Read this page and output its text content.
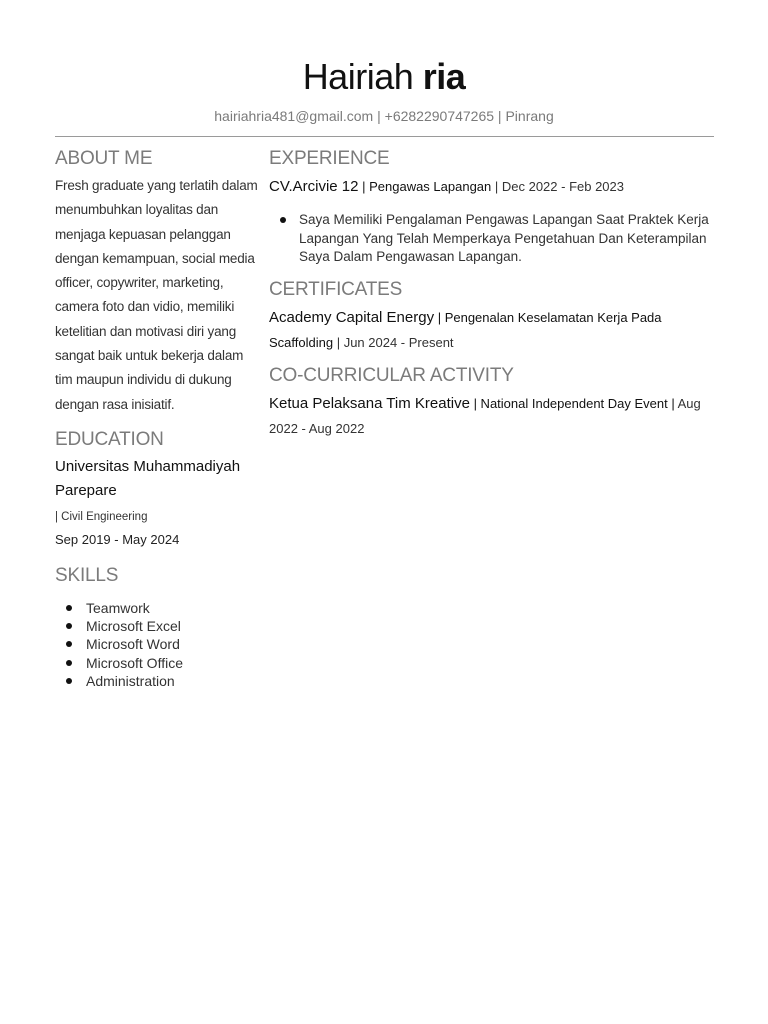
Hairiah ria
hairiahria481@gmail.com | +6282290747265 | Pinrang
ABOUT ME

Fresh graduate yang terlatih dalam menumbuhkan loyalitas dan menjaga kepuasan pelanggan dengan kemampuan, social media officer, copywriter, marketing, camera foto dan vidio, memiliki ketelitian dan motivasi diri yang sangat baik untuk bekerja dalam tim maupun individu di dukung dengan rasa inisiatif.

EDUCATION

Universitas Muhammadiyah Parepare

| Civil Engineering

Sep 2019 - May 2024

SKILLS
Teamwork
Microsoft Excel
Microsoft Word
Microsoft Office
Administration
EXPERIENCE

CV.Arcivie 12 | Pengawas Lapangan | Dec 2022 - Feb 2023

Saya Memiliki Pengalaman Pengawas Lapangan Saat Praktek Kerja Lapangan Yang Telah Memperkaya Pengetahuan Dan Keterampilan Saya Dalam Pengawasan Lapangan.
CERTIFICATES

Academy Capital Energy | Pengenalan Keselamatan Kerja Pada Scaffolding | Jun 2024 - Present

CO-CURRICULAR ACTIVITY

Ketua Pelaksana Tim Kreative | National Independent Day Event | Aug 2022 - Aug 2022
